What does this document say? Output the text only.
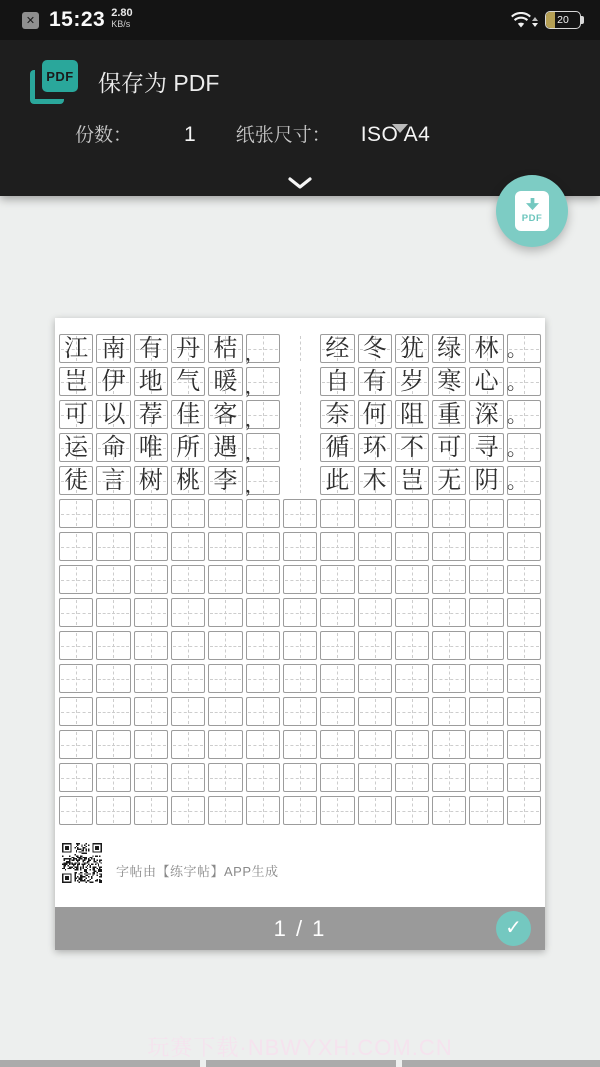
✕ 15:23 2.80
KB/s	20
PDF 保存为 PDF
份数： 1 纸张尺寸： ISO A4
PDF
江 南 有 丹 桔 ，	经 冬 犹 绿 林 。
岂 伊 地 气 暖 ，	自 有 岁 寒 心 。
可 以 荐 佳 客 ，	奈 何 阻 重 深 。
运 命 唯 所 遇 ，	循 环 不 可 寻 。
徒 言 树 桃 李 ，	此 木 岂 无 阴 。
字帖由【练字帖】APP生成
1 / 1	✓
玩赛下载·NBWYXH.COM.CN
